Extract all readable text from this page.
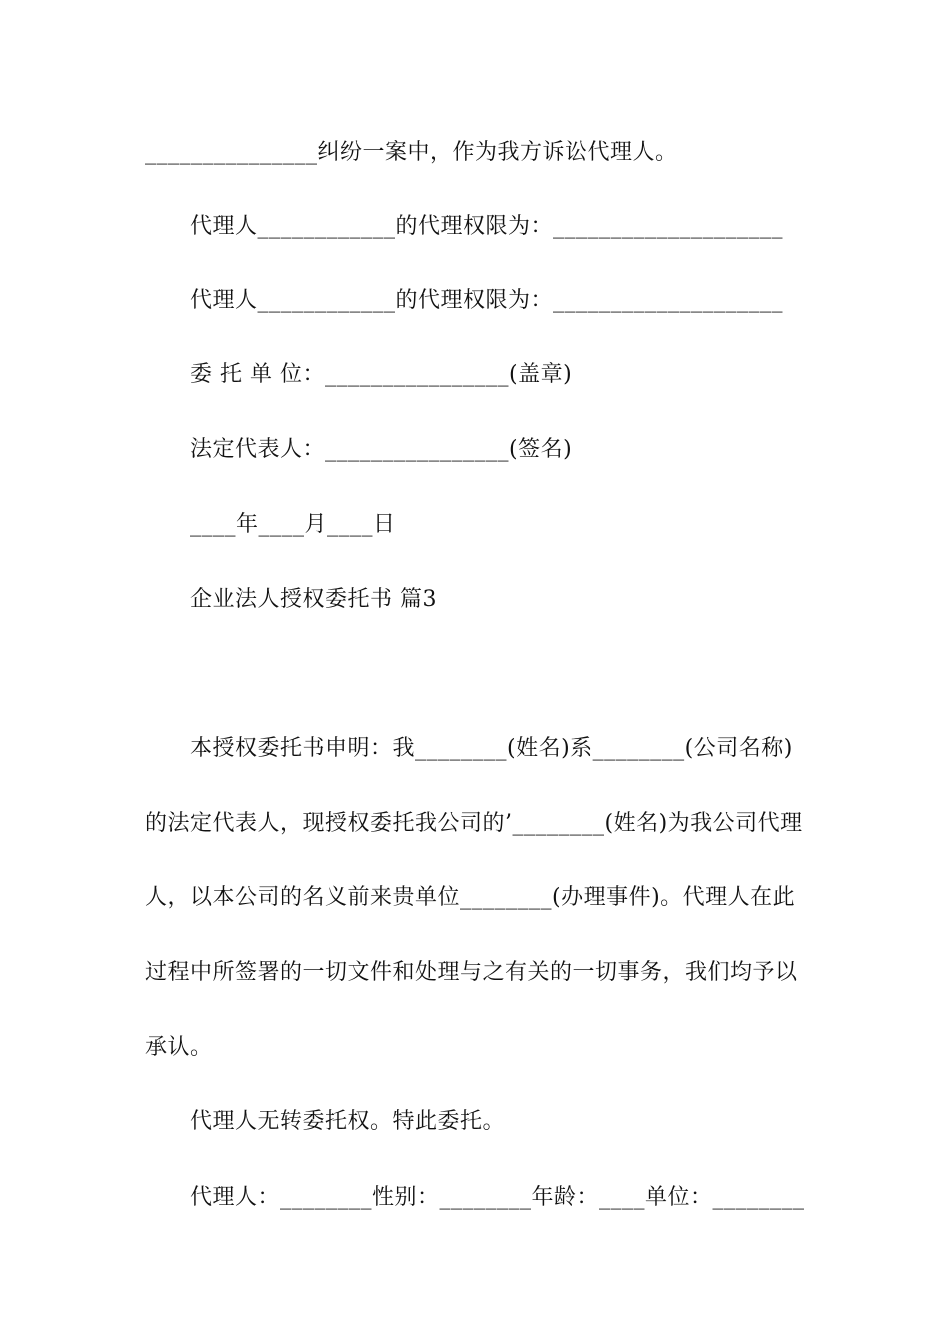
_______________纠纷一案中，作为我方诉讼代理人。
代理人____________的代理权限为：____________________
代理人____________的代理权限为：____________________
委 托 单 位：________________(盖章)
法定代表人：________________(签名)
____年____月____日
企业法人授权委托书 篇3
本授权委托书申明：我________(姓名)系________(公司名称)
的法定代表人，现授权委托我公司的’________(姓名)为我公司代理
人，以本公司的名义前来贵单位________(办理事件)。代理人在此
过程中所签署的一切文件和处理与之有关的一切事务，我们均予以
承认。
代理人无转委托权。特此委托。
代理人：________性别：________年龄：____单位：________
